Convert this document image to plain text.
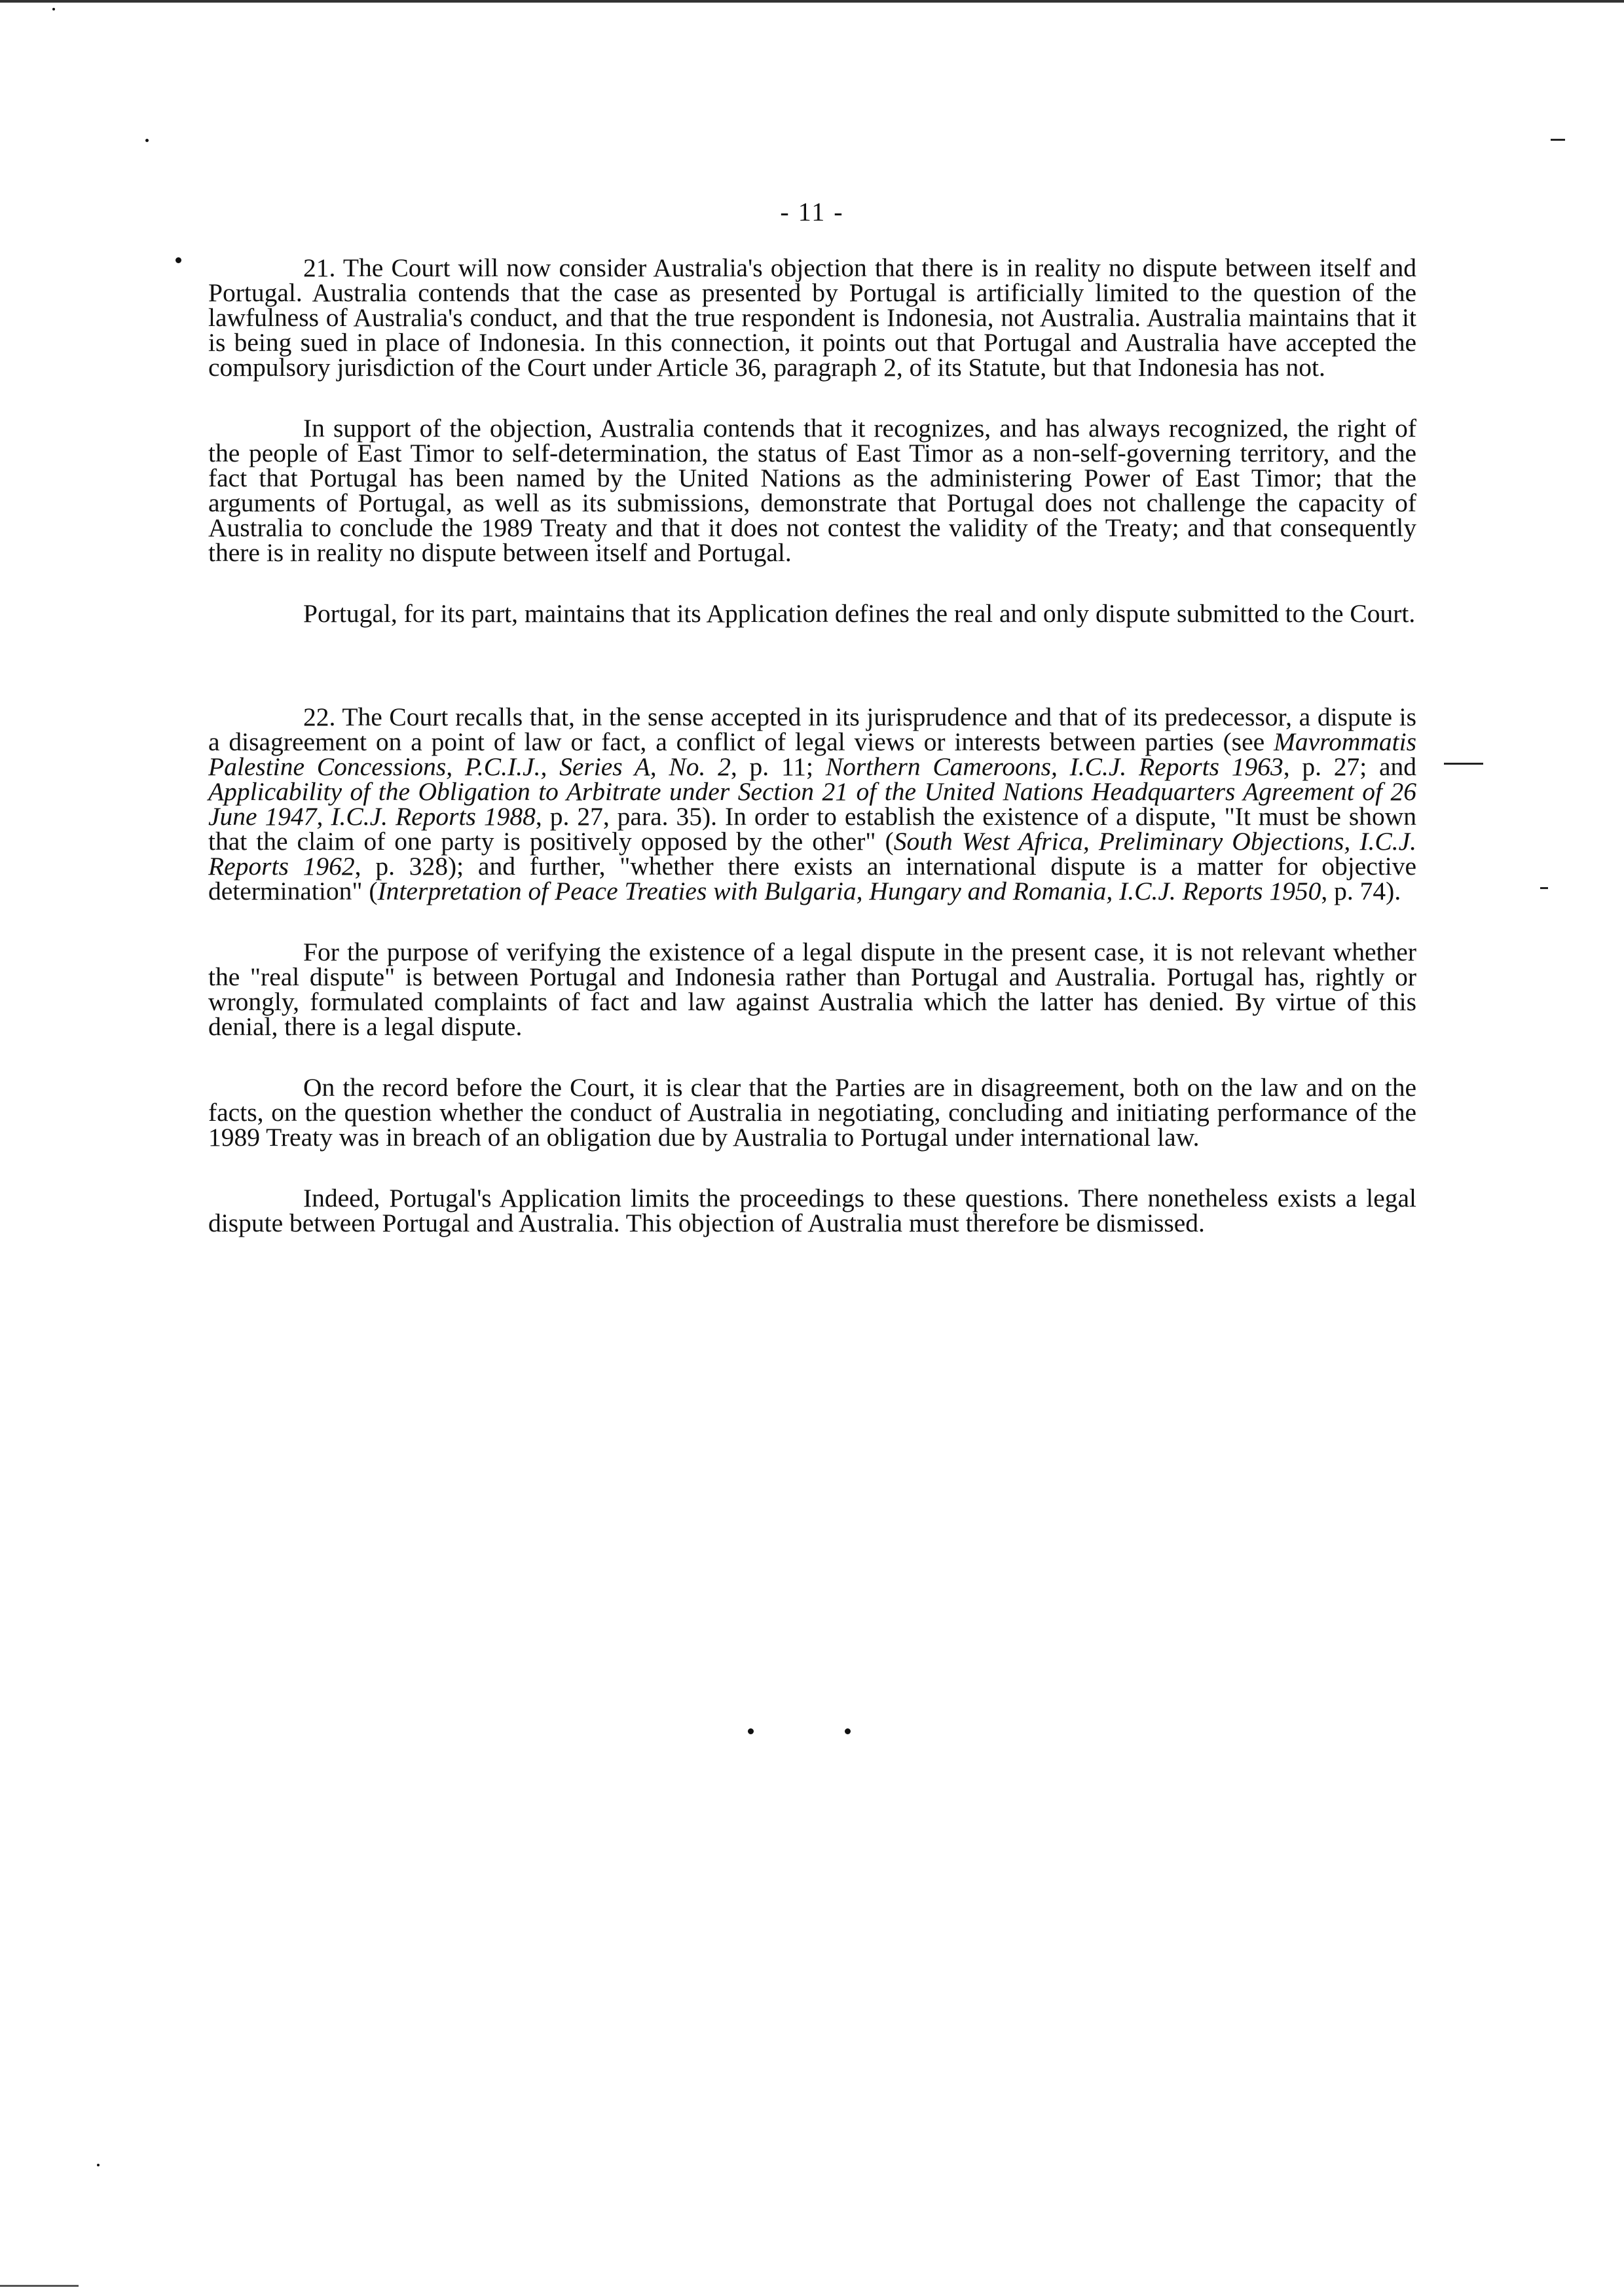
- 11 -

21. The Court will now consider Australia's objection that there is in reality no dispute between itself and Portugal. Australia contends that the case as presented by Portugal is artificially limited to the question of the lawfulness of Australia's conduct, and that the true respondent is Indonesia, not Australia. Australia maintains that it is being sued in place of Indonesia. In this connection, it points out that Portugal and Australia have accepted the compulsory jurisdiction of the Court under Article 36, paragraph 2, of its Statute, but that Indonesia has not.

In support of the objection, Australia contends that it recognizes, and has always recognized, the right of the people of East Timor to self-determination, the status of East Timor as a non-self-governing territory, and the fact that Portugal has been named by the United Nations as the administering Power of East Timor; that the arguments of Portugal, as well as its submissions, demonstrate that Portugal does not challenge the capacity of Australia to conclude the 1989 Treaty and that it does not contest the validity of the Treaty; and that consequently there is in reality no dispute between itself and Portugal.

Portugal, for its part, maintains that its Application defines the real and only dispute submitted to the Court.

22. The Court recalls that, in the sense accepted in its jurisprudence and that of its predecessor, a dispute is a disagreement on a point of law or fact, a conflict of legal views or interests between parties (see Mavrommatis Palestine Concessions, P.C.I.J., Series A, No. 2, p. 11; Northern Cameroons, I.C.J. Reports 1963, p. 27; and Applicability of the Obligation to Arbitrate under Section 21 of the United Nations Headquarters Agreement of 26 June 1947, I.C.J. Reports 1988, p. 27, para. 35). In order to establish the existence of a dispute, "It must be shown that the claim of one party is positively opposed by the other" (South West Africa, Preliminary Objections, I.C.J. Reports 1962, p. 328); and further, "whether there exists an international dispute is a matter for objective determination" (Interpretation of Peace Treaties with Bulgaria, Hungary and Romania, I.C.J. Reports 1950, p. 74).

For the purpose of verifying the existence of a legal dispute in the present case, it is not relevant whether the "real dispute" is between Portugal and Indonesia rather than Portugal and Australia. Portugal has, rightly or wrongly, formulated complaints of fact and law against Australia which the latter has denied. By virtue of this denial, there is a legal dispute.

On the record before the Court, it is clear that the Parties are in disagreement, both on the law and on the facts, on the question whether the conduct of Australia in negotiating, concluding and initiating performance of the 1989 Treaty was in breach of an obligation due by Australia to Portugal under international law.

Indeed, Portugal's Application limits the proceedings to these questions. There nonetheless exists a legal dispute between Portugal and Australia. This objection of Australia must therefore be dismissed.
